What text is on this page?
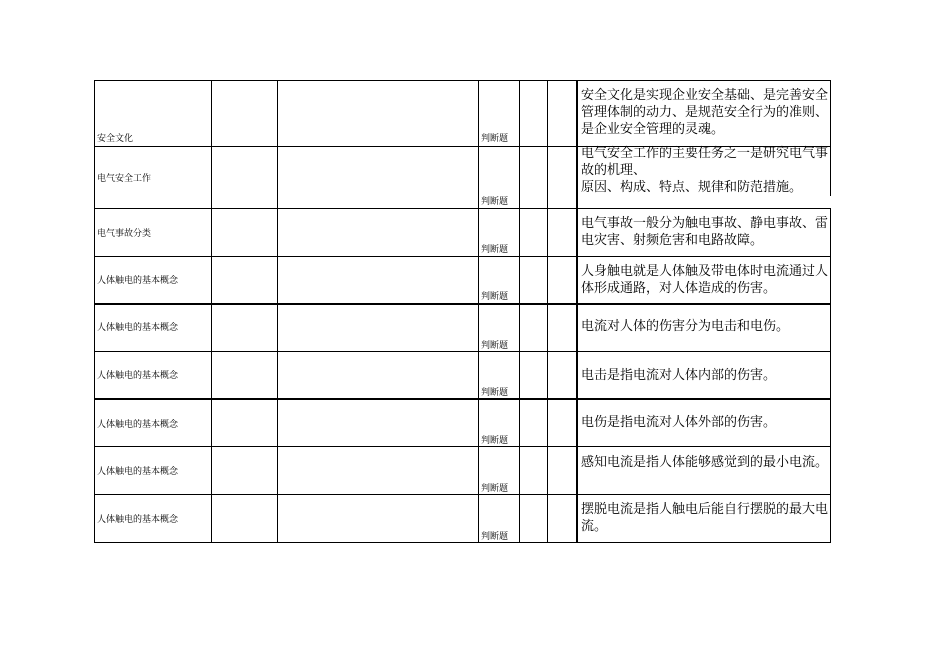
安全文化	判断题
安全文化是实现企业安全基础、是完善安全管理体制的动力、是规范安全行为的准则、是企业安全管理的灵魂。
电气安全工作
判断题
电气安全工作的主要任务之一是研究电气事故的机理、
原因、构成、特点、规律和防范措施。
电气事故分类
判断题
电气事故一般分为触电事故、静电事故、雷电灾害、射频危害和电路故障。
人体触电的基本概念
判断题
人身触电就是人体触及带电体时电流通过人体形成通路，对人体造成的伤害。
人体触电的基本概念
判断题
电流对人体的伤害分为电击和电伤。
人体触电的基本概念
判断题
电击是指电流对人体内部的伤害。
人体触电的基本概念
判断题
电伤是指电流对人体外部的伤害。
人体触电的基本概念
判断题
感知电流是指人体能够感觉到的最小电流。
人体触电的基本概念
判断题
摆脱电流是指人触电后能自行摆脱的最大电流。
